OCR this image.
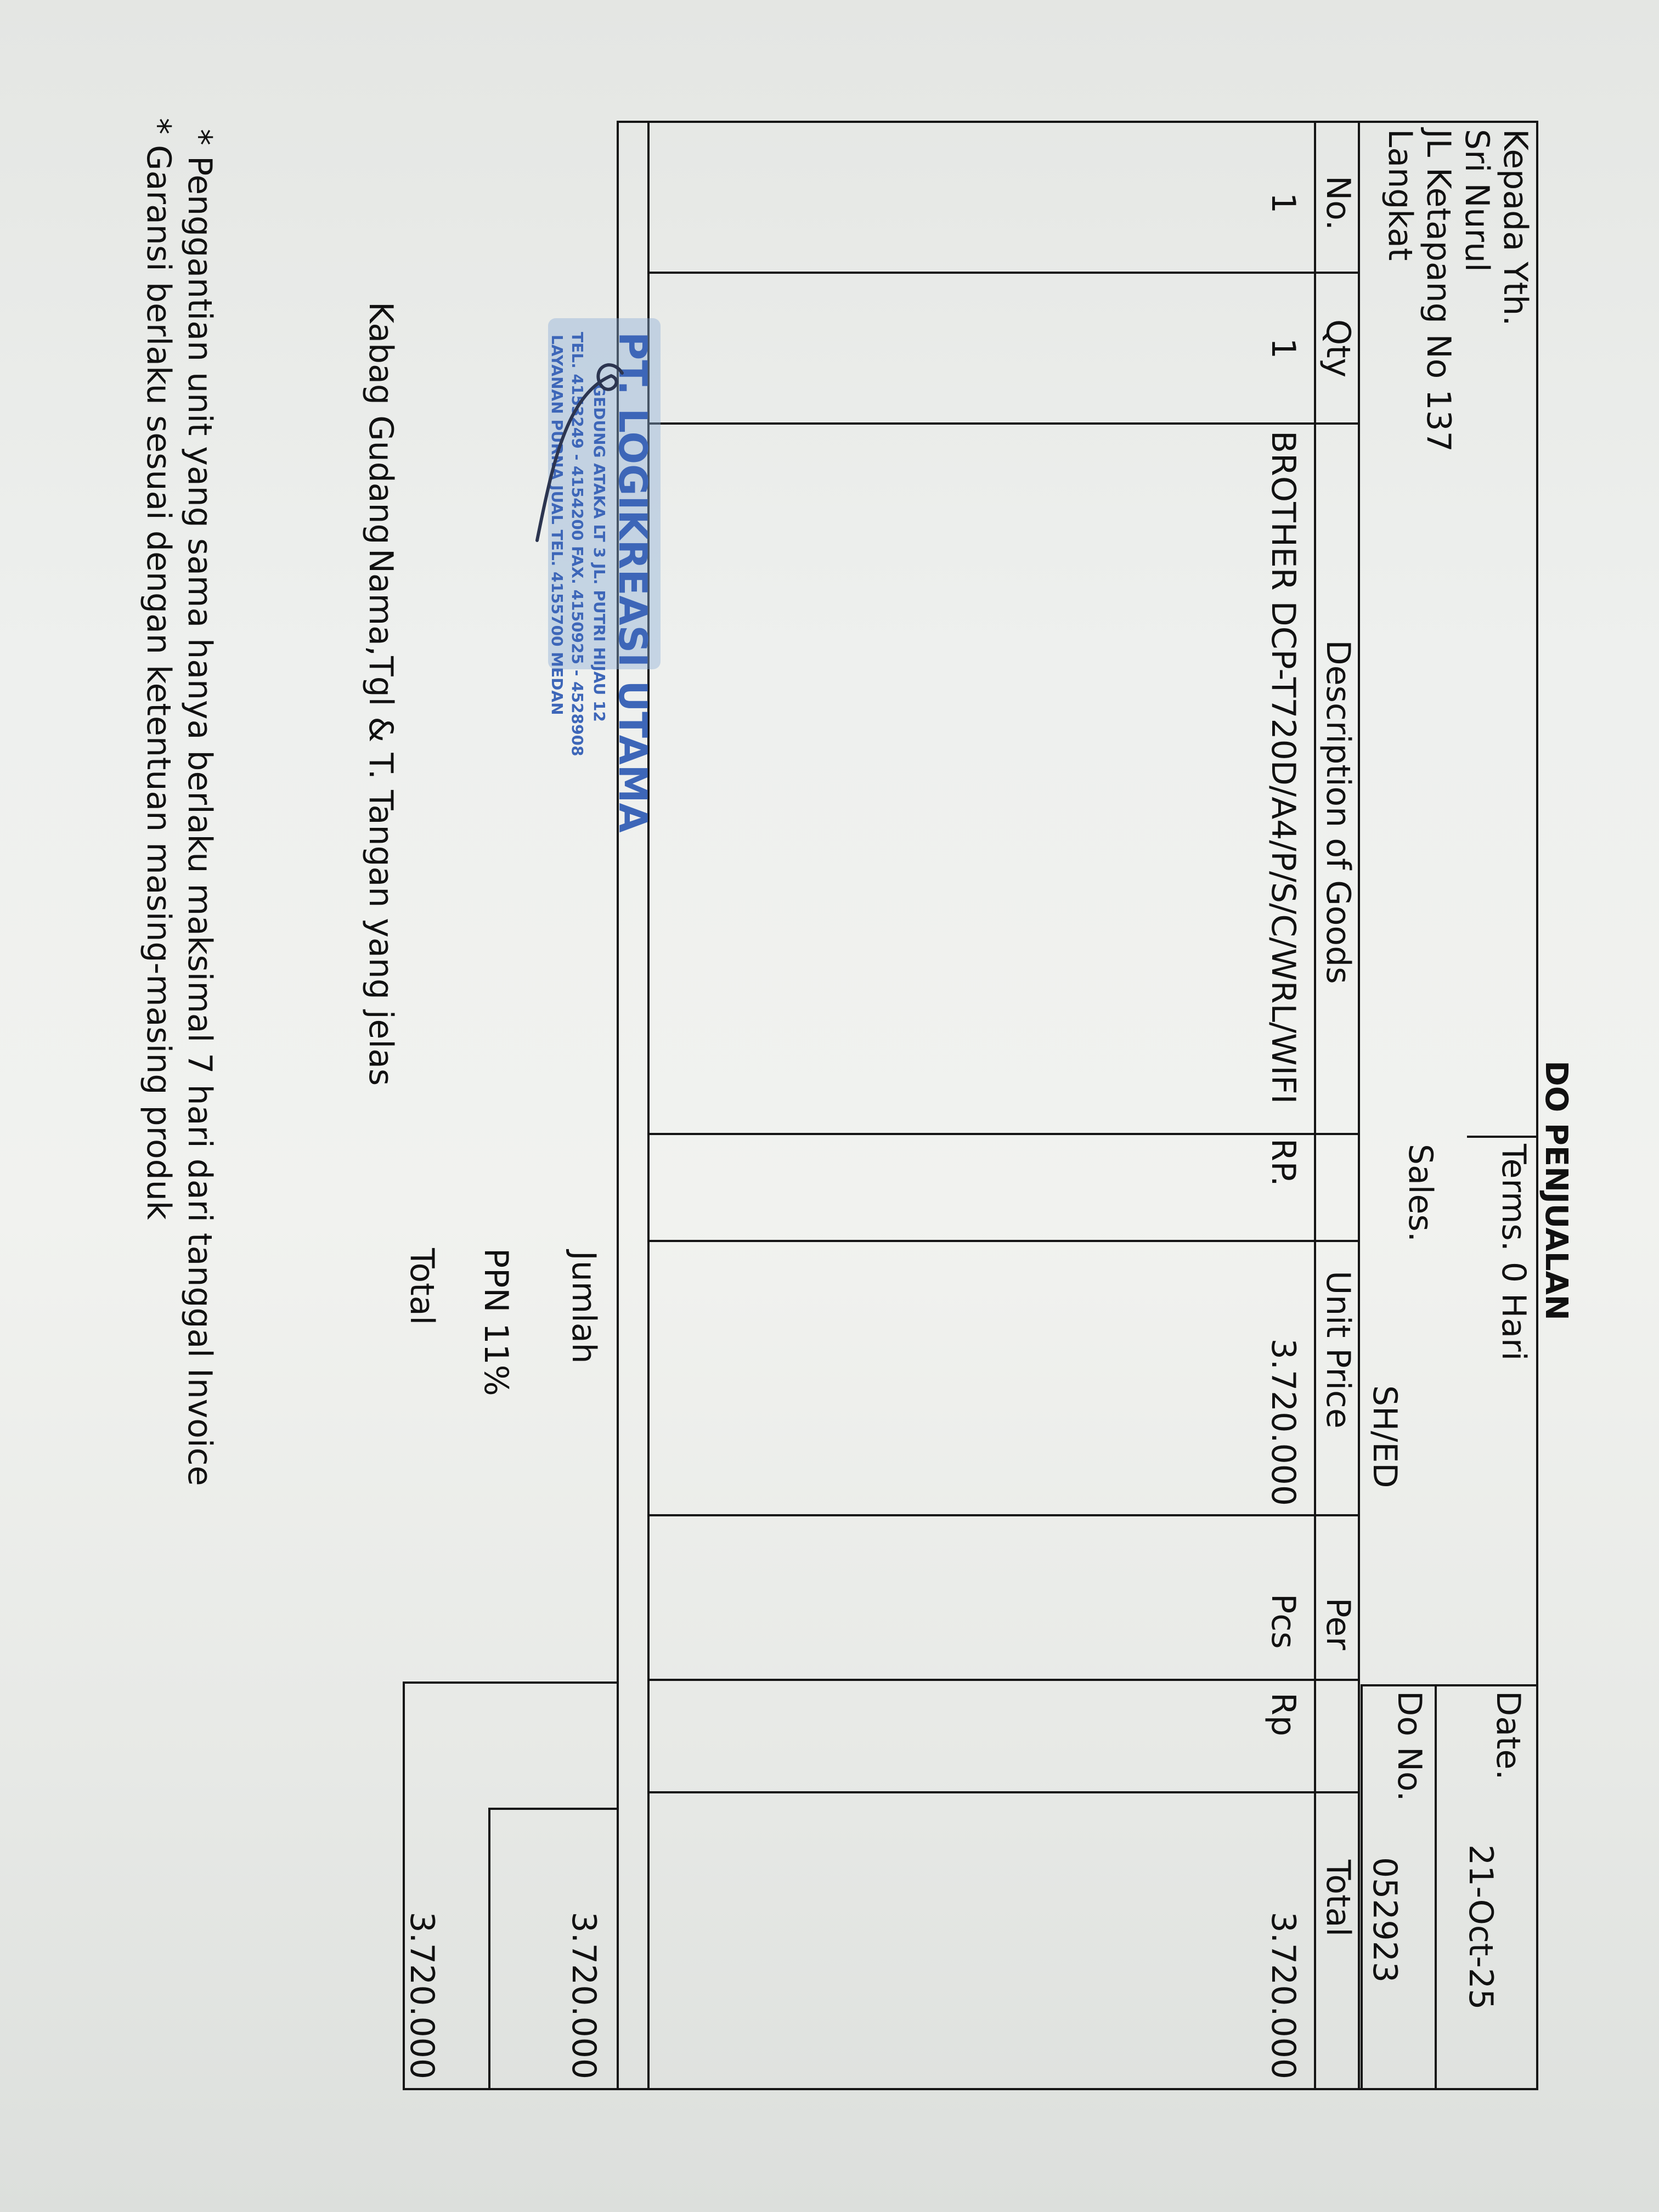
DO PENJUALAN
Kepada Yth.
Sri Nurul
JL Ketapang No 137
Langkat
Terms. 0 Hari
Sales.
SH/ED
Date.
21-Oct-25
Do No.
052923
No.
Qty
Description of Goods
Unit Price
Per
Total
1
1
BROTHER DCP-T720D/A4/P/S/C/WRL/WIFI
RP.
3.720.000
Pcs
Rp
3.720.000
Jumlah
3.720.000
PPN 11%
Total
3.720.000
PT. LOGIKREASI UTAMA
GEDUNG ATAKA LT 3 JL. PUTRI HIJAU 12
TEL. 4153249 - 4154200 FAX. 4150925 - 4528908
LAYANAN PURNA JUAL TEL. 4155700 MEDAN
Kabag Gudang
Nama,Tgl & T. Tangan yang jelas
* Penggantian unit yang sama hanya berlaku maksimal 7 hari dari tanggal Invoice
* Garansi berlaku sesuai dengan ketentuan masing-masing produk
